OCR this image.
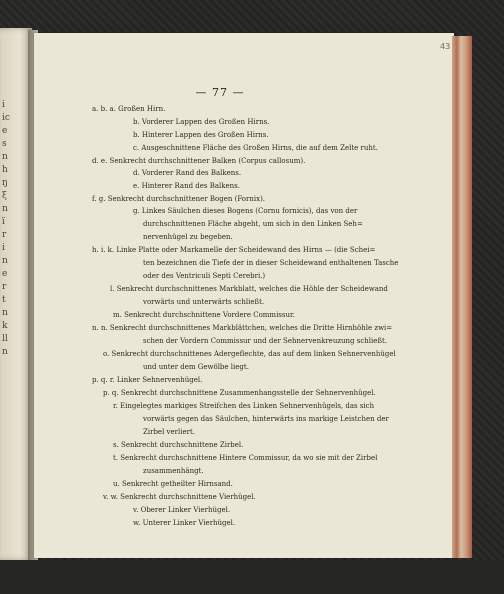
i
ic
e
s
n
h
ŋ
ξ
n
ï
r
i
n
e
r
t
n
k
ll
n
43
— 77 —
a. b. a. Großen Hirn.
b. Vorderer Lappen des Großen Hirns.
b. Hinterer Lappen des Großen Hirns.
c. Ausgeschnittene Fläche des Großen Hirns, die auf dem Zelte ruht.
d. e. Senkrecht durchschnittener Balken (Corpus callosum).
d. Vorderer Rand des Balkens.
e. Hinterer Rand des Balkens.
f. g. Senkrecht durchschnittener Bogen (Fornix).
g. Linkes Säulchen dieses Bogens (Cornu fornicis), das von der
durchschnittenen Fläche abgeht, um sich in den Linken Seh=
nervenhügel zu begeben.
h. i. k. Linke Platte oder Markamelle der Scheidewand des Hirns — (die Schei=
ten bezeichnen die Tiefe der in dieser Scheidewand enthaltenen Tasche
oder des Ventriculi Septi Cerebri.)
l. Senkrecht durchschnittenes Markblatt, welches die Höhle der Scheidewand
vorwärts und unterwärts schließt.
m. Senkrecht durchschnittene Vordere Commissur.
n. n. Senkrecht durchschnittenes Markblättchen, welches die Dritte Hirnhöhle zwi=
schen der Vordern Commissur und der Sehnervenkreuzung schließt.
o. Senkrecht durchschnittenes Adergeflechte, das auf dem linken Sehnervenhügel
und unter dem Gewölbe liegt.
p. q. r. Linker Sehnervenhügel.
p. q. Senkrecht durchschnittene Zusammenhangsstelle der Sehnervenhügel.
r. Eingelegtes markiges Streifchen des Linken Sehnervenhügels, das sich
vorwärts gegen das Säulchen, hinterwärts ins markige Leistchen der
Zirbel verliert.
s. Senkrecht durchschnittene Zirbel.
t. Senkrecht durchschnittene Hintere Commissur, da wo sie mit der Zirbel
zusammenhängt.
u. Senkrecht getheilter Hirnsand.
v. w. Senkrecht durchschnittene Vierhügel.
v. Oberer Linker Vierhügel.
w. Unterer Linker Vierhügel.
